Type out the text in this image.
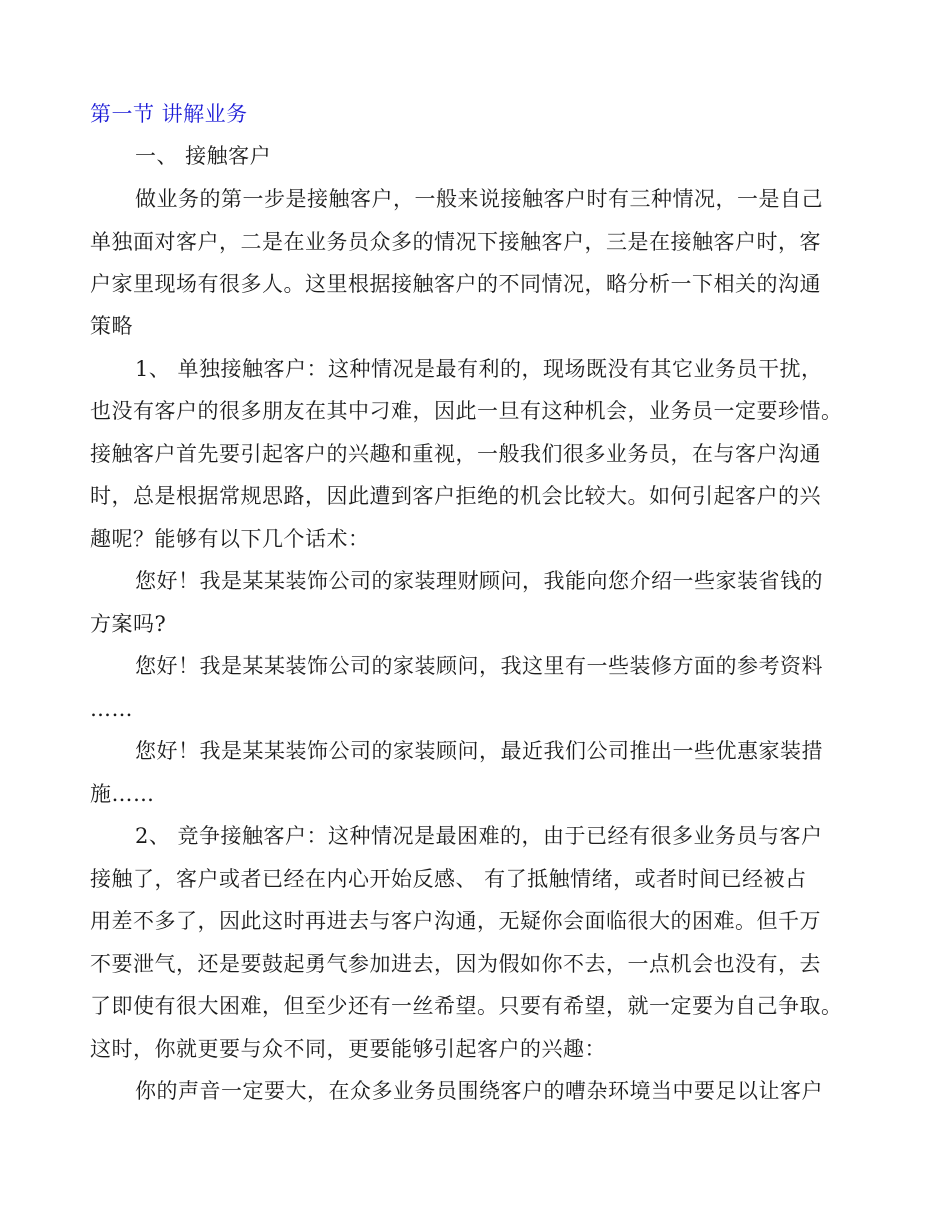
第一节 讲解业务
一、 接触客户
做业务的第一步是接触客户，一般来说接触客户时有三种情况，一是自己
单独面对客户，二是在业务员众多的情况下接触客户，三是在接触客户时，客
户家里现场有很多人。这里根据接触客户的不同情况，略分析一下相关的沟通
策略
1、 单独接触客户：这种情况是最有利的，现场既没有其它业务员干扰，
也没有客户的很多朋友在其中刁难，因此一旦有这种机会，业务员一定要珍惜。
接触客户首先要引起客户的兴趣和重视，一般我们很多业务员，在与客户沟通
时，总是根据常规思路，因此遭到客户拒绝的机会比较大。如何引起客户的兴
趣呢？能够有以下几个话术：
您好！我是某某装饰公司的家装理财顾问，我能向您介绍一些家装省钱的
方案吗?
您好！我是某某装饰公司的家装顾问，我这里有一些装修方面的参考资料
……
您好！我是某某装饰公司的家装顾问，最近我们公司推出一些优惠家装措
施……
2、 竞争接触客户：这种情况是最困难的，由于已经有很多业务员与客户
接触了，客户或者已经在内心开始反感、 有了抵触情绪，或者时间已经被占
用差不多了，因此这时再进去与客户沟通，无疑你会面临很大的困难。但千万
不要泄气，还是要鼓起勇气参加进去，因为假如你不去，一点机会也没有，去
了即使有很大困难，但至少还有一丝希望。只要有希望，就一定要为自己争取。
这时，你就更要与众不同，更要能够引起客户的兴趣：
你的声音一定要大，在众多业务员围绕客户的嘈杂环境当中要足以让客户
